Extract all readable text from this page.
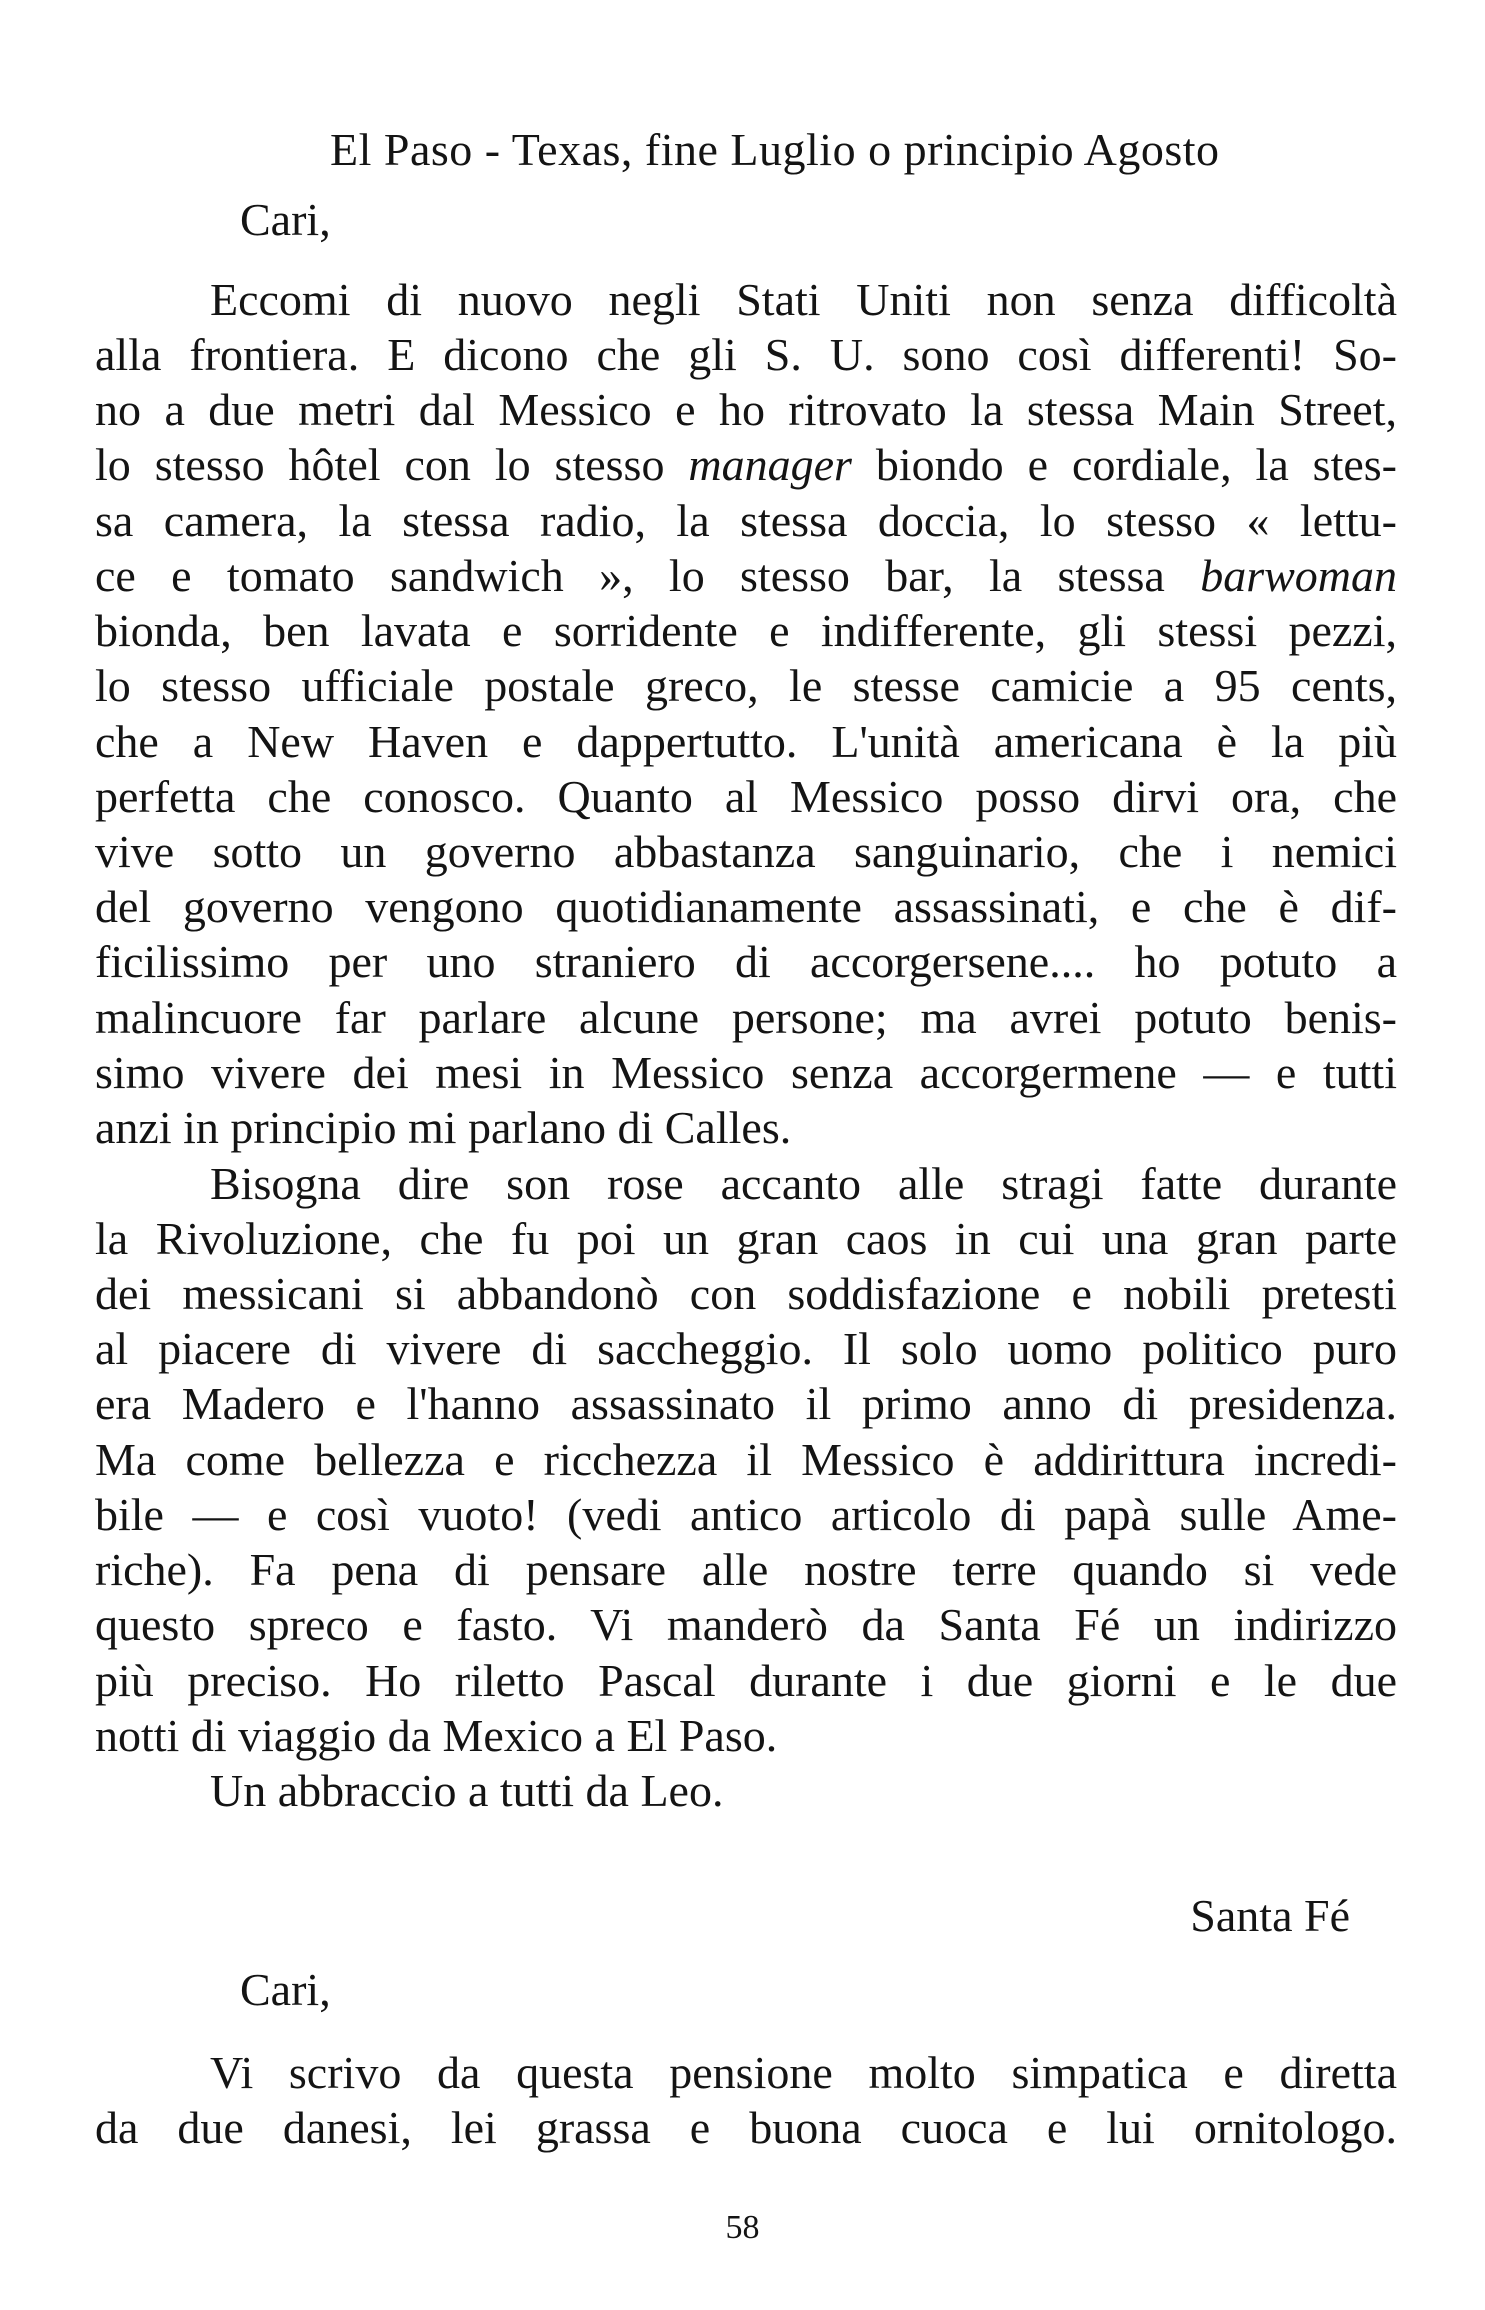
El Paso - Texas, fine Luglio o principio Agosto
Cari,
Eccomi di nuovo negli Stati Uniti non senza difficoltà
alla frontiera. E dicono che gli S. U. sono così differenti! So-
no a due metri dal Messico e ho ritrovato la stessa Main Street,
lo stesso hôtel con lo stesso manager biondo e cordiale, la stes-
sa camera, la stessa radio, la stessa doccia, lo stesso « lettu-
ce e tomato sandwich », lo stesso bar, la stessa barwoman
bionda, ben lavata e sorridente e indifferente, gli stessi pezzi,
lo stesso ufficiale postale greco, le stesse camicie a 95 cents,
che a New Haven e dappertutto. L'unità americana è la più
perfetta che conosco. Quanto al Messico posso dirvi ora, che
vive sotto un governo abbastanza sanguinario, che i nemici
del governo vengono quotidianamente assassinati, e che è dif-
ficilissimo per uno straniero di accorgersene.... ho potuto a
malincuore far parlare alcune persone; ma avrei potuto benis-
simo vivere dei mesi in Messico senza accorgermene — e tutti
anzi in principio mi parlano di Calles.
Bisogna dire son rose accanto alle stragi fatte durante
la Rivoluzione, che fu poi un gran caos in cui una gran parte
dei messicani si abbandonò con soddisfazione e nobili pretesti
al piacere di vivere di saccheggio. Il solo uomo politico puro
era Madero e l'hanno assassinato il primo anno di presidenza.
Ma come bellezza e ricchezza il Messico è addirittura incredi-
bile — e così vuoto! (vedi antico articolo di papà sulle Ame-
riche). Fa pena di pensare alle nostre terre quando si vede
questo spreco e fasto. Vi manderò da Santa Fé un indirizzo
più preciso. Ho riletto Pascal durante i due giorni e le due
notti di viaggio da Mexico a El Paso.
Un abbraccio a tutti da Leo.
Santa Fé
Cari,
Vi scrivo da questa pensione molto simpatica e diretta
da due danesi, lei grassa e buona cuoca e lui ornitologo.
58
